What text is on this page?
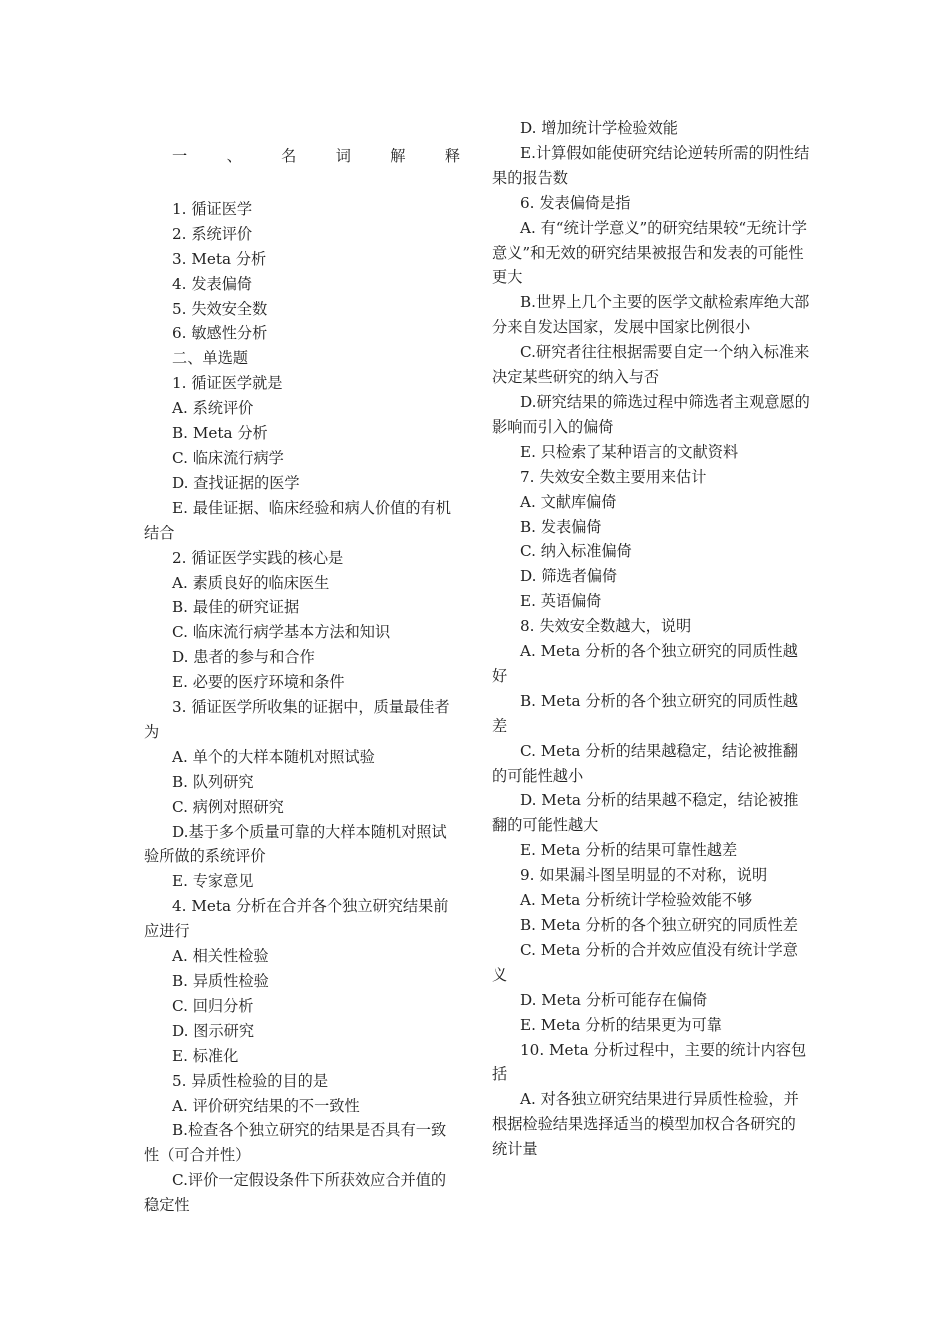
一	、	名	词	解	释

1. 循证医学

2. 系统评价

3. Meta 分析

4. 发表偏倚

5. 失效安全数

6. 敏感性分析

二、单选题

1. 循证医学就是

A. 系统评价

B. Meta 分析

C. 临床流行病学

D. 查找证据的医学

E. 最佳证据、临床经验和病人价值的有机结合

2. 循证医学实践的核心是

A. 素质良好的临床医生

B. 最佳的研究证据

C. 临床流行病学基本方法和知识

D. 患者的参与和合作

E. 必要的医疗环境和条件

3. 循证医学所收集的证据中，质量最佳者为

A. 单个的大样本随机对照试验

B. 队列研究

C. 病例对照研究

D.基于多个质量可靠的大样本随机对照试验所做的系统评价

E. 专家意见

4. Meta 分析在合并各个独立研究结果前应进行

A. 相关性检验

B. 异质性检验

C. 回归分析

D. 图示研究

E. 标准化

5. 异质性检验的目的是

A. 评价研究结果的不一致性

B.检查各个独立研究的结果是否具有一致性（可合并性）

C.评价一定假设条件下所获效应合并值的稳定性

D. 增加统计学检验效能

E.计算假如能使研究结论逆转所需的阴性结果的报告数

6. 发表偏倚是指

A. 有“统计学意义”的研究结果较“无统计学意义”和无效的研究结果被报告和发表的可能性更大

B.世界上几个主要的医学文献检索库绝大部分来自发达国家，发展中国家比例很小

C.研究者往往根据需要自定一个纳入标准来决定某些研究的纳入与否

D.研究结果的筛选过程中筛选者主观意愿的影响而引入的偏倚

E. 只检索了某种语言的文献资料

7. 失效安全数主要用来估计

A. 文献库偏倚

B. 发表偏倚

C. 纳入标准偏倚

D. 筛选者偏倚

E. 英语偏倚

8. 失效安全数越大，说明

A. Meta 分析的各个独立研究的同质性越好

B. Meta 分析的各个独立研究的同质性越差

C. Meta 分析的结果越稳定，结论被推翻的可能性越小

D. Meta 分析的结果越不稳定，结论被推翻的可能性越大

E. Meta 分析的结果可靠性越差

9. 如果漏斗图呈明显的不对称，说明

A. Meta 分析统计学检验效能不够

B. Meta 分析的各个独立研究的同质性差

C. Meta 分析的合并效应值没有统计学意义

D. Meta 分析可能存在偏倚

E. Meta 分析的结果更为可靠

10. Meta 分析过程中，主要的统计内容包括

A. 对各独立研究结果进行异质性检验，并根据检验结果选择适当的模型加权合各研究的统计量
